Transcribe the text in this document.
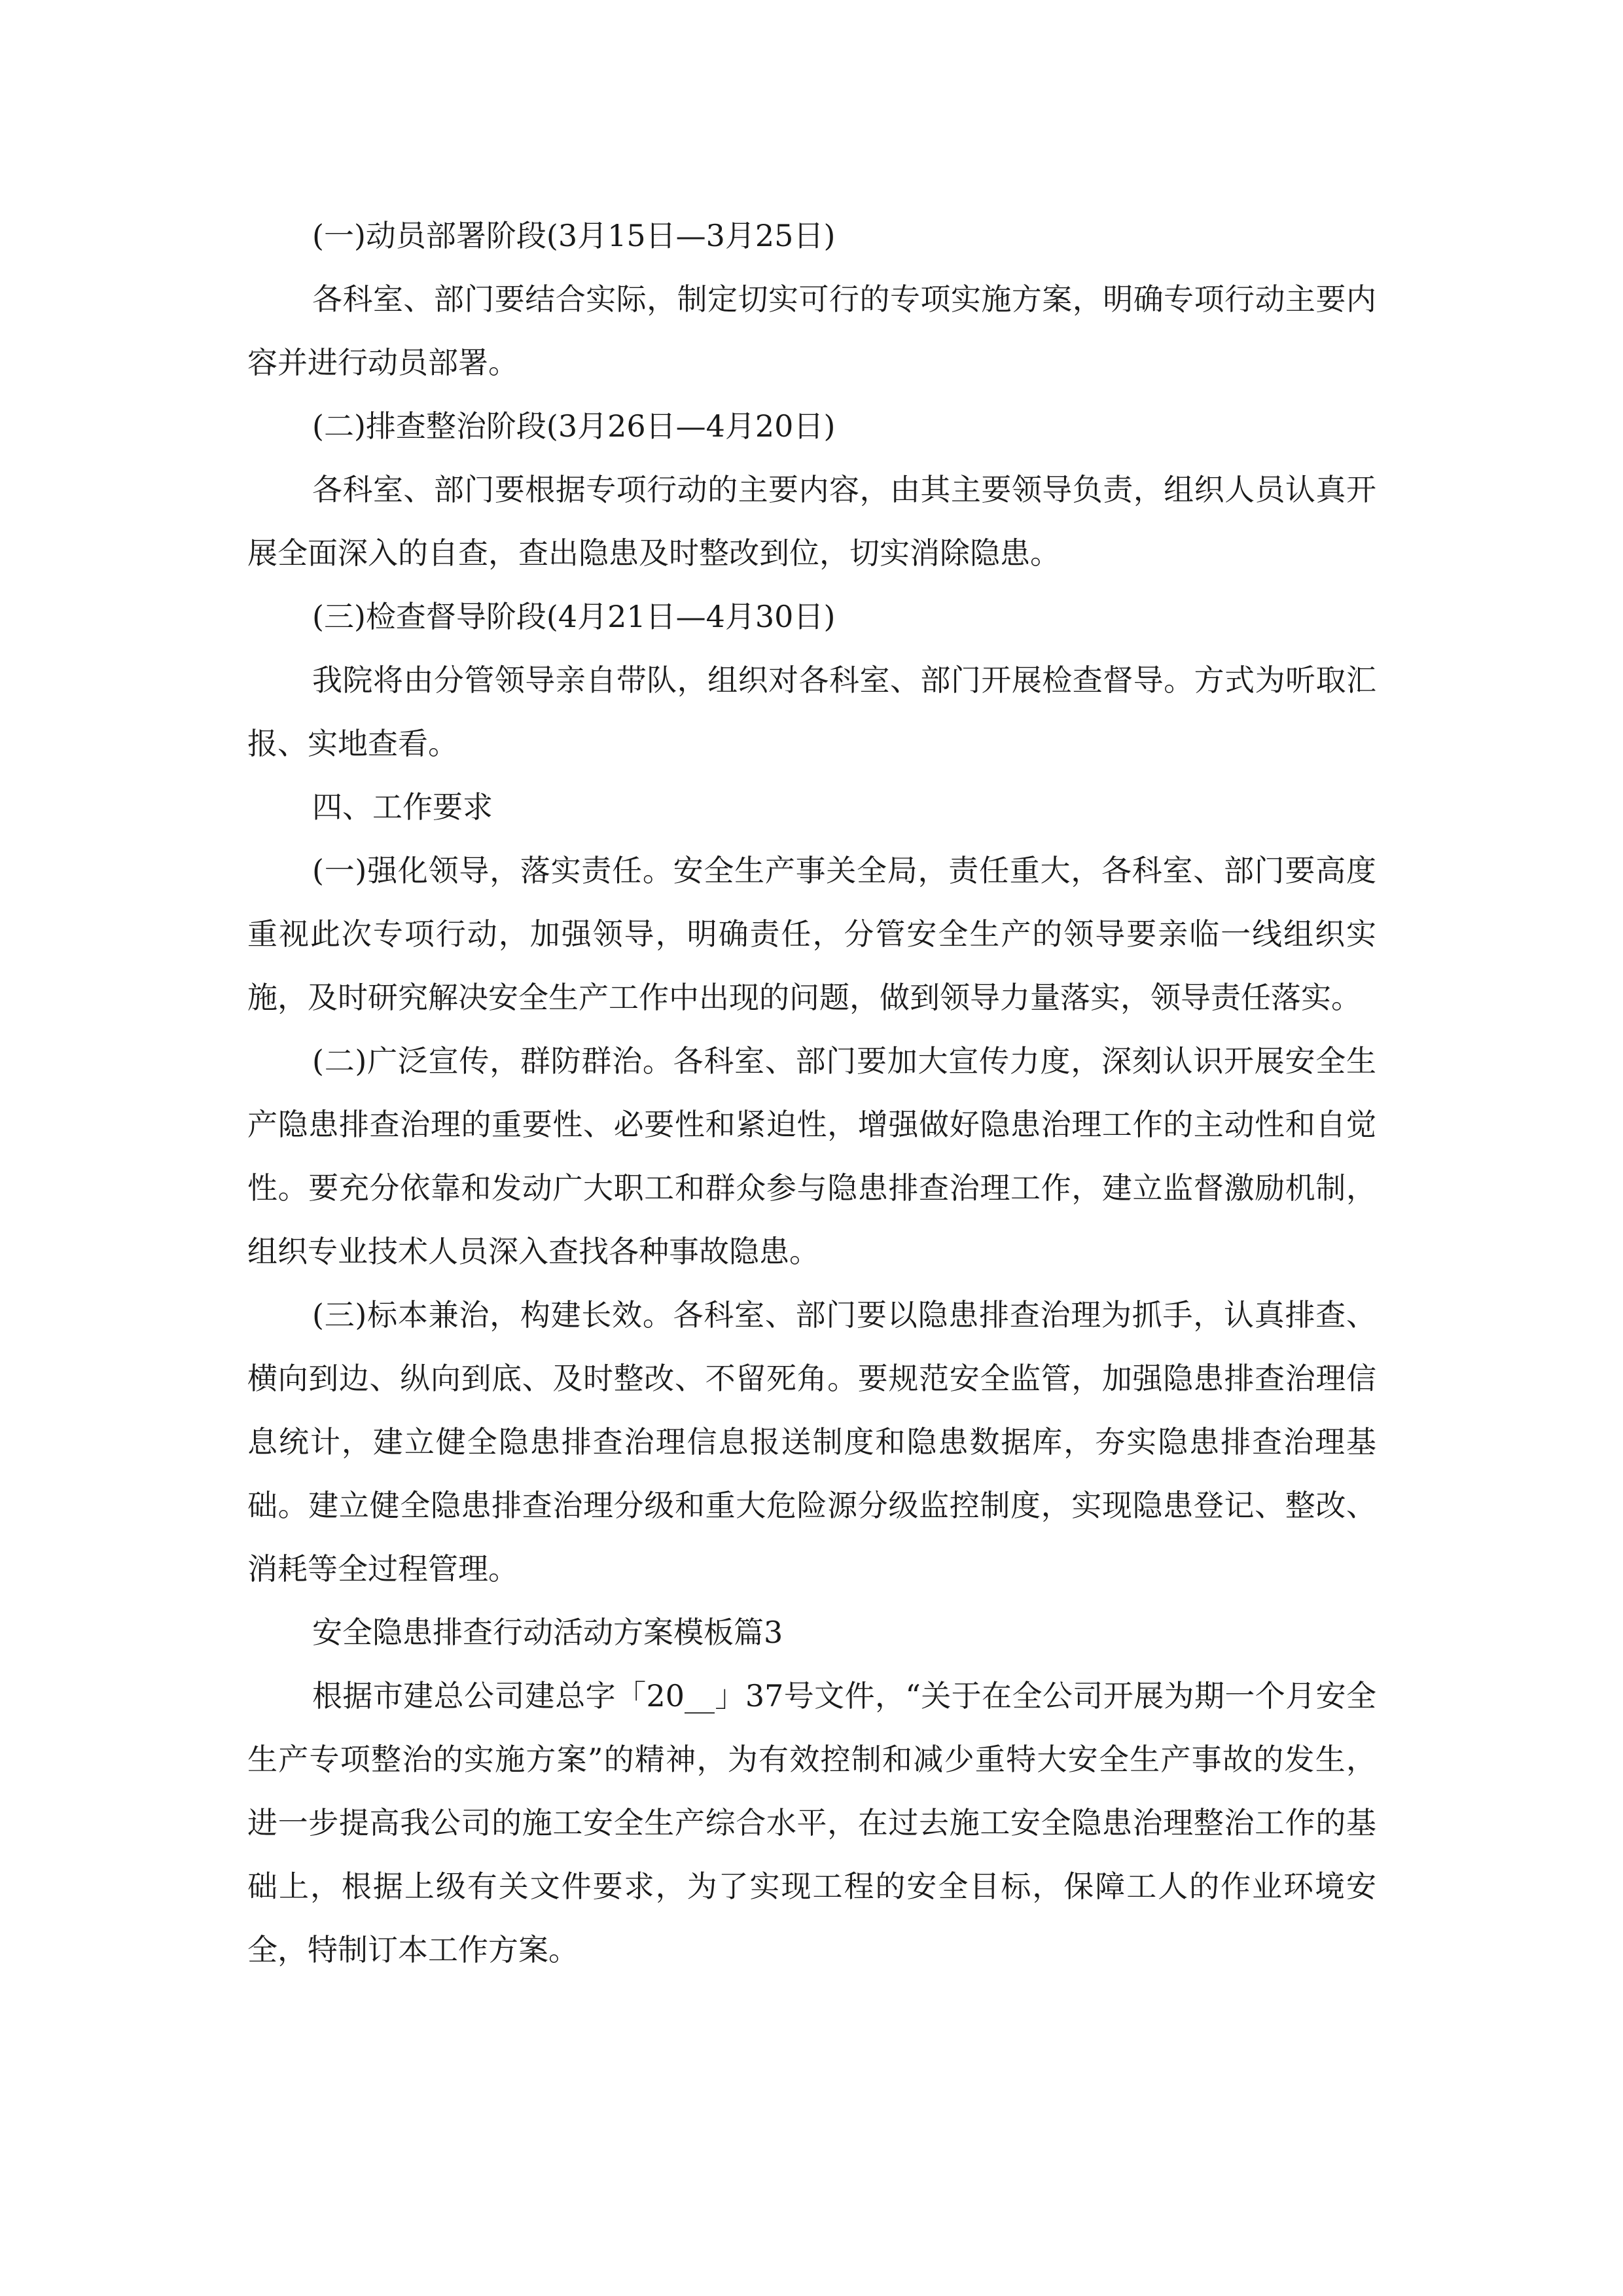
(一)动员部署阶段(3月15日—3月25日)

各科室、部门要结合实际，制定切实可行的专项实施方案，明确专项行动主要内容并进行动员部署。

(二)排查整治阶段(3月26日—4月20日)

各科室、部门要根据专项行动的主要内容，由其主要领导负责，组织人员认真开展全面深入的自查，查出隐患及时整改到位，切实消除隐患。

(三)检查督导阶段(4月21日—4月30日)

我院将由分管领导亲自带队，组织对各科室、部门开展检查督导。方式为听取汇报、实地查看。

四、工作要求

(一)强化领导，落实责任。安全生产事关全局，责任重大，各科室、部门要高度重视此次专项行动，加强领导，明确责任，分管安全生产的领导要亲临一线组织实施，及时研究解决安全生产工作中出现的问题，做到领导力量落实，领导责任落实。

(二)广泛宣传，群防群治。各科室、部门要加大宣传力度，深刻认识开展安全生产隐患排查治理的重要性、必要性和紧迫性，增强做好隐患治理工作的主动性和自觉性。要充分依靠和发动广大职工和群众参与隐患排查治理工作，建立监督激励机制，组织专业技术人员深入查找各种事故隐患。

(三)标本兼治，构建长效。各科室、部门要以隐患排查治理为抓手，认真排查、横向到边、纵向到底、及时整改、不留死角。要规范安全监管，加强隐患排查治理信息统计，建立健全隐患排查治理信息报送制度和隐患数据库，夯实隐患排查治理基础。建立健全隐患排查治理分级和重大危险源分级监控制度，实现隐患登记、整改、消耗等全过程管理。

安全隐患排查行动活动方案模板篇3

根据市建总公司建总字「20__」37号文件，“关于在全公司开展为期一个月安全生产专项整治的实施方案”的精神，为有效控制和减少重特大安全生产事故的发生，进一步提高我公司的施工安全生产综合水平，在过去施工安全隐患治理整治工作的基础上，根据上级有关文件要求，为了实现工程的安全目标，保障工人的作业环境安全，特制订本工作方案。
